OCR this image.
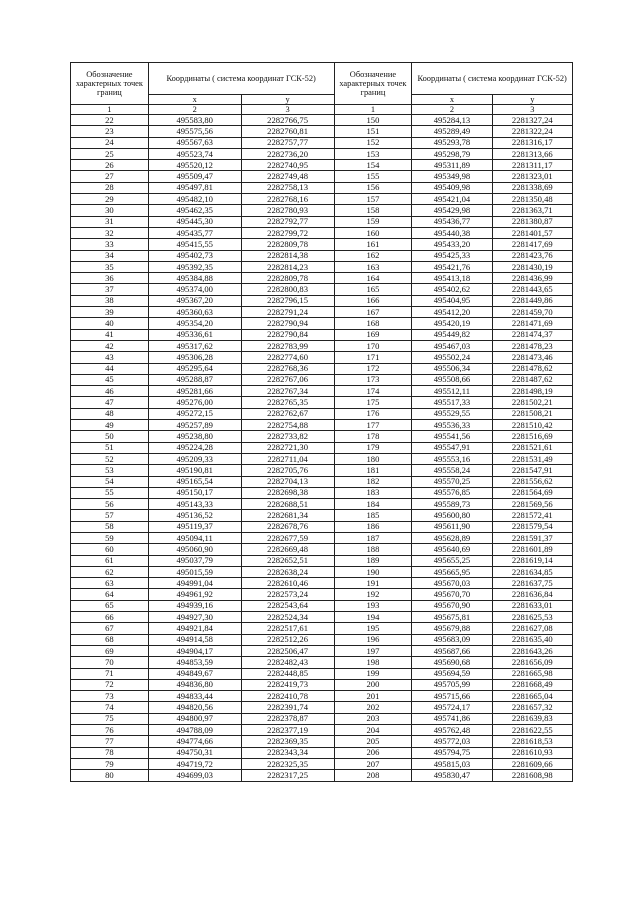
Обозначение характерных точек границ	Координаты ( система координат ГСК-52)		Обозначение характерных точек границ	Координаты ( система координат ГСК-52)	
	x	y		x	y
1	2	3	1	2	3
22	495583,80	2282766,75	150	495284,13	2281327,24
23	495575,56	2282760,81	151	495289,49	2281322,24
24	495567,63	2282757,77	152	495293,78	2281316,17
25	495523,74	2282736,20	153	495298,79	2281313,66
26	495520,12	2282740,95	154	495311,89	2281311,17
27	495509,47	2282749,48	155	495349,98	2281323,01
28	495497,81	2282758,13	156	495409,98	2281338,69
29	495482,10	2282768,16	157	495421,04	2281350,48
30	495462,35	2282780,93	158	495429,98	2281363,71
31	495445,30	2282792,77	159	495436,77	2281380,87
32	495435,77	2282799,72	160	495440,38	2281401,57
33	495415,55	2282809,78	161	495433,20	2281417,69
34	495402,73	2282814,38	162	495425,33	2281423,76
35	495392,35	2282814,23	163	495421,76	2281430,19
36	495384,88	2282809,78	164	495413,18	2281436,99
37	495374,00	2282800,83	165	495402,62	2281443,65
38	495367,20	2282796,15	166	495404,95	2281449,86
39	495360,63	2282791,24	167	495412,20	2281459,70
40	495354,20	2282790,94	168	495420,19	2281471,69
41	495336,61	2282790,84	169	495449,82	2281474,37
42	495317,62	2282783,99	170	495467,03	2281478,23
43	495306,28	2282774,60	171	495502,24	2281473,46
44	495295,64	2282768,36	172	495506,34	2281478,62
45	495288,87	2282767,06	173	495508,66	2281487,62
46	495281,66	2282767,34	174	495512,11	2281498,19
47	495276,00	2282765,35	175	495517,33	2281502,21
48	495272,15	2282762,67	176	495529,55	2281508,21
49	495257,89	2282754,88	177	495536,33	2281510,42
50	495238,80	2282733,82	178	495541,56	2281516,69
51	495224,28	2282721,30	179	495547,91	2281521,61
52	495209,33	2282711,04	180	495553,16	2281531,49
53	495190,81	2282705,76	181	495558,24	2281547,91
54	495165,54	2282704,13	182	495570,25	2281556,62
55	495150,17	2282698,38	183	495576,85	2281564,69
56	495143,33	2282688,51	184	495589,73	2281569,56
57	495136,52	2282681,34	185	495600,80	2281572,41
58	495119,37	2282678,76	186	495611,90	2281579,54
59	495094,11	2282677,59	187	495628,89	2281591,37
60	495060,90	2282669,48	188	495640,69	2281601,89
61	495037,79	2282652,51	189	495655,25	2281619,14
62	495015,59	2282638,24	190	495665,95	2281634,85
63	494991,04	2282610,46	191	495670,03	2281637,75
64	494961,92	2282573,24	192	495670,70	2281636,84
65	494939,16	2282543,64	193	495670,90	2281633,01
66	494927,30	2282524,34	194	495675,81	2281625,53
67	494921,84	2282517,61	195	495679,88	2281627,08
68	494914,58	2282512,26	196	495683,09	2281635,40
69	494904,17	2282506,47	197	495687,66	2281643,26
70	494853,59	2282482,43	198	495690,68	2281656,09
71	494849,67	2282448,85	199	495694,59	2281665,98
72	494836,80	2282419,73	200	495705,99	2281668,49
73	494833,44	2282410,78	201	495715,66	2281665,04
74	494820,56	2282391,74	202	495724,17	2281657,32
75	494800,97	2282378,87	203	495741,86	2281639,83
76	494788,09	2282377,19	204	495762,48	2281622,55
77	494774,66	2282369,35	205	495772,03	2281618,53
78	494750,31	2282343,34	206	495794,75	2281610,93
79	494719,72	2282325,35	207	495815,03	2281609,66
80	494699,03	2282317,25	208	495830,47	2281608,98
